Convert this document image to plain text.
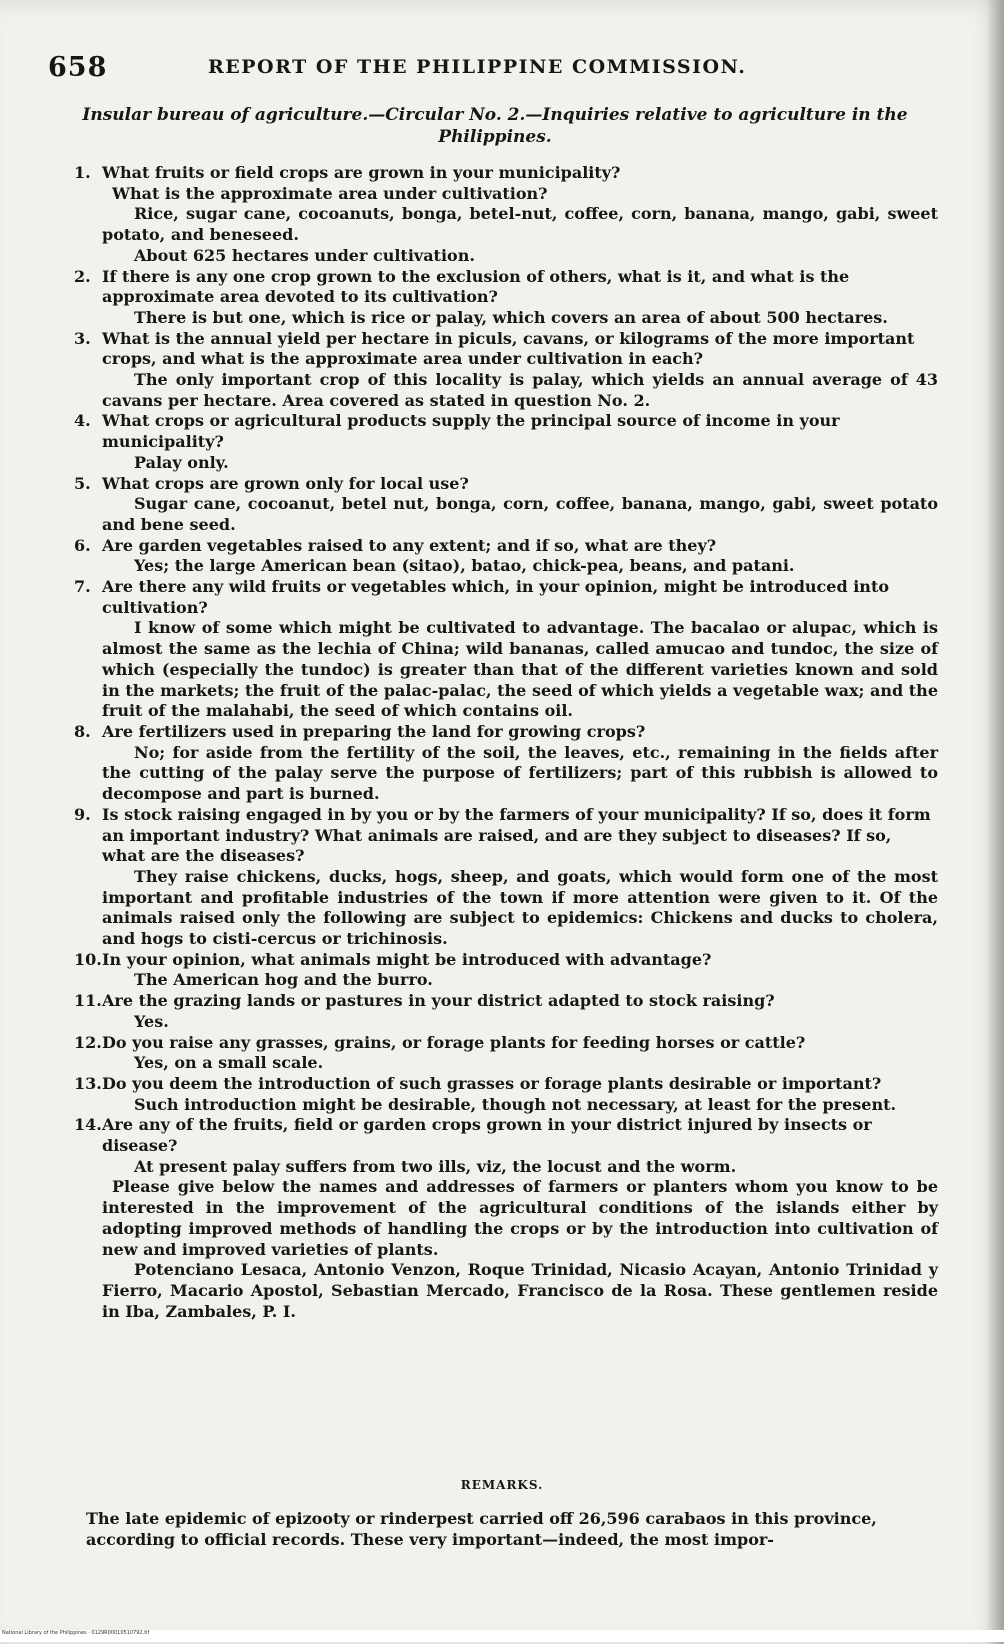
658	REPORT OF THE PHILIPPINE COMMISSION.
Insular bureau of agriculture.—Circular No. 2.—Inquiries relative to agriculture in the Philippines.

1. What fruits or field crops are grown in your municipality?

What is the approximate area under cultivation?

Rice, sugar cane, cocoanuts, bonga, betel-nut, coffee, corn, banana, mango, gabi, sweet potato, and beneseed.

About 625 hectares under cultivation.

2. If there is any one crop grown to the exclusion of others, what is it, and what is the approximate area devoted to its cultivation?

There is but one, which is rice or palay, which covers an area of about 500 hectares.

3. What is the annual yield per hectare in piculs, cavans, or kilograms of the more important crops, and what is the approximate area under cultivation in each?

The only important crop of this locality is palay, which yields an annual average of 43 cavans per hectare. Area covered as stated in question No. 2.

4. What crops or agricultural products supply the principal source of income in your municipality?

Palay only.

5. What crops are grown only for local use?

Sugar cane, cocoanut, betel nut, bonga, corn, coffee, banana, mango, gabi, sweet potato and bene seed.

6. Are garden vegetables raised to any extent; and if so, what are they?

Yes; the large American bean (sitao), batao, chick-pea, beans, and patani.

7. Are there any wild fruits or vegetables which, in your opinion, might be introduced into cultivation?

I know of some which might be cultivated to advantage. The bacalao or alupac, which is almost the same as the lechia of China; wild bananas, called amucao and tundoc, the size of which (especially the tundoc) is greater than that of the different varieties known and sold in the markets; the fruit of the palac-palac, the seed of which yields a vegetable wax; and the fruit of the malahabi, the seed of which contains oil.

8. Are fertilizers used in preparing the land for growing crops?

No; for aside from the fertility of the soil, the leaves, etc., remaining in the fields after the cutting of the palay serve the purpose of fertilizers; part of this rubbish is allowed to decompose and part is burned.

9. Is stock raising engaged in by you or by the farmers of your municipality? If so, does it form an important industry? What animals are raised, and are they subject to diseases? If so, what are the diseases?

They raise chickens, ducks, hogs, sheep, and goats, which would form one of the most important and profitable industries of the town if more attention were given to it. Of the animals raised only the following are subject to epidemics: Chickens and ducks to cholera, and hogs to cisti-cercus or trichinosis.

10.In your opinion, what animals might be introduced with advantage?

The American hog and the burro.

11.Are the grazing lands or pastures in your district adapted to stock raising?

Yes.

12.Do you raise any grasses, grains, or forage plants for feeding horses or cattle?

Yes, on a small scale.

13.Do you deem the introduction of such grasses or forage plants desirable or important?

Such introduction might be desirable, though not necessary, at least for the present.

14.Are any of the fruits, field or garden crops grown in your district injured by insects or disease?

At present palay suffers from two ills, viz, the locust and the worm.

Please give below the names and addresses of farmers or planters whom you know to be interested in the improvement of the agricultural conditions of the islands either by adopting improved methods of handling the crops or by the introduction into cultivation of new and improved varieties of plants.

Potenciano Lesaca, Antonio Venzon, Roque Trinidad, Nicasio Acayan, Antonio Trinidad y Fierro, Macario Apostol, Sebastian Mercado, Francisco de la Rosa. These gentlemen reside in Iba, Zambales, P. I.

REMARKS.
The late epidemic of epizooty or rinderpest carried off 26,596 carabaos in this province, according to official records. These very important—indeed, the most impor-
National Library of the Philippines · 0129R00010510792.tif
